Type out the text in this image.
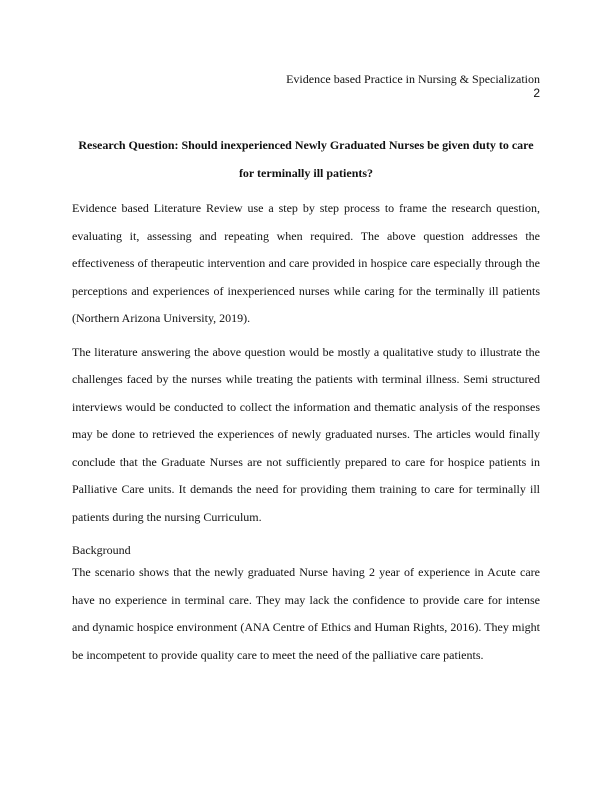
Evidence based Practice in Nursing & Specialization
2

Research Question: Should inexperienced Newly Graduated Nurses be given duty to care for terminally ill patients?

Evidence based Literature Review use a step by step process to frame the research question, evaluating it, assessing and repeating when required. The above question addresses the effectiveness of therapeutic intervention and care provided in hospice care especially through the perceptions and experiences of inexperienced nurses while caring for the terminally ill patients (Northern Arizona University, 2019).

The literature answering the above question would be mostly a qualitative study to illustrate the challenges faced by the nurses while treating the patients with terminal illness. Semi structured interviews would be conducted to collect the information and thematic analysis of the responses may be done to retrieved the experiences of newly graduated nurses. The articles would finally conclude that the Graduate Nurses are not sufficiently prepared to care for hospice patients in Palliative Care units. It demands the need for providing them training to care for terminally ill patients during the nursing Curriculum.

Background

The scenario shows that the newly graduated Nurse having 2 year of experience in Acute care have no experience in terminal care. They may lack the confidence to provide care for intense and dynamic hospice environment (ANA Centre of Ethics and Human Rights, 2016). They might be incompetent to provide quality care to meet the need of the palliative care patients.
